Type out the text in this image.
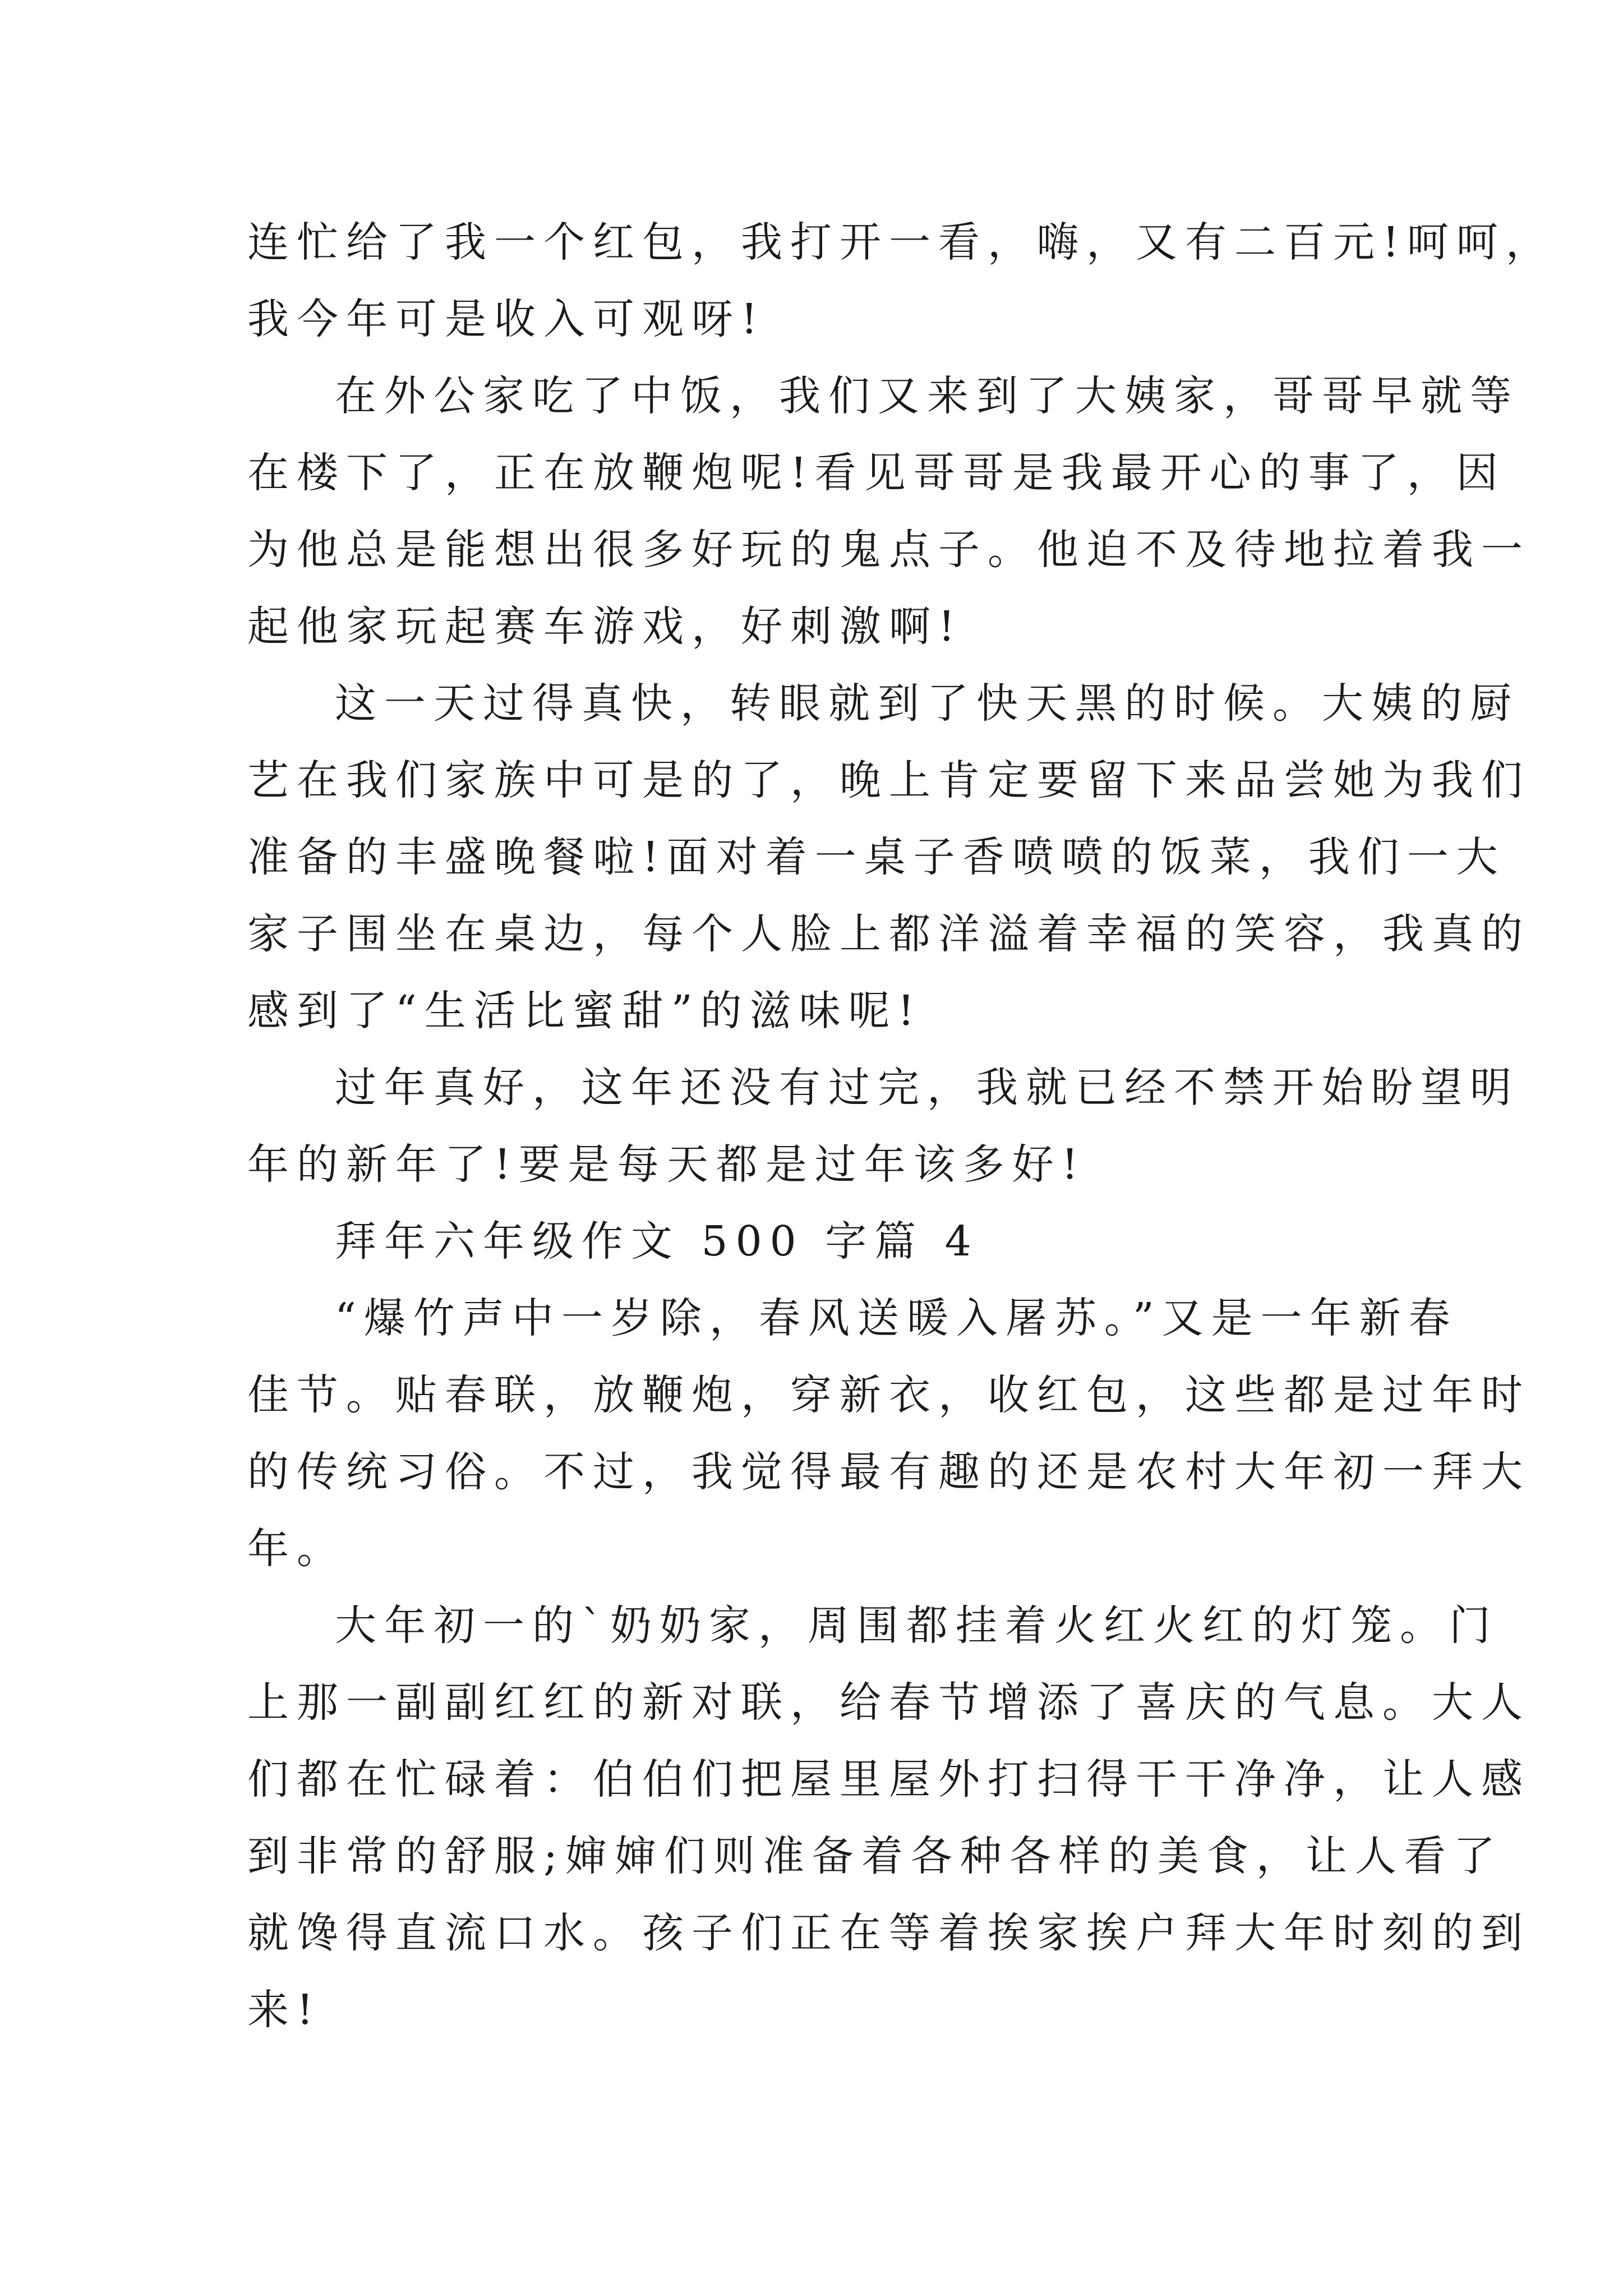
连忙给了我一个红包，我打开一看，嗨，又有二百元!呵呵，
我今年可是收入可观呀!
在外公家吃了中饭，我们又来到了大姨家，哥哥早就等
在楼下了，正在放鞭炮呢!看见哥哥是我最开心的事了，因
为他总是能想出很多好玩的鬼点子。他迫不及待地拉着我一
起他家玩起赛车游戏，好刺激啊!
这一天过得真快，转眼就到了快天黑的时候。大姨的厨
艺在我们家族中可是的了，晚上肯定要留下来品尝她为我们
准备的丰盛晚餐啦!面对着一桌子香喷喷的饭菜，我们一大
家子围坐在桌边，每个人脸上都洋溢着幸福的笑容，我真的
感到了“生活比蜜甜”的滋味呢!
过年真好，这年还没有过完，我就已经不禁开始盼望明
年的新年了!要是每天都是过年该多好!
拜年六年级作文 500 字篇 4
“爆竹声中一岁除，春风送暖入屠苏。”又是一年新春
佳节。贴春联，放鞭炮，穿新衣，收红包，这些都是过年时
的传统习俗。不过，我觉得最有趣的还是农村大年初一拜大
年。
大年初一的`奶奶家，周围都挂着火红火红的灯笼。门
上那一副副红红的新对联，给春节增添了喜庆的气息。大人
们都在忙碌着：伯伯们把屋里屋外打扫得干干净净，让人感
到非常的舒服;婶婶们则准备着各种各样的美食，让人看了
就馋得直流口水。孩子们正在等着挨家挨户拜大年时刻的到
来!
